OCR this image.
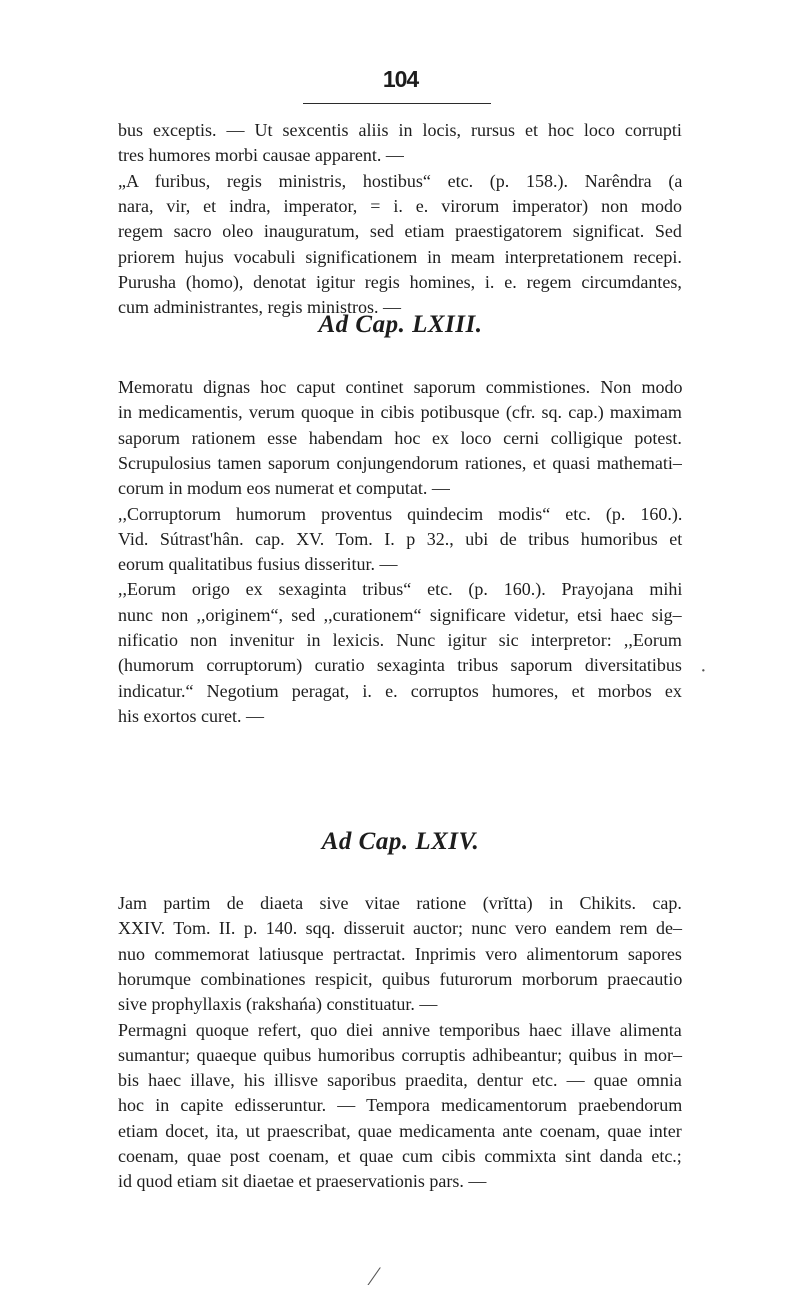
104
bus exceptis. — Ut sexcentis aliis in locis, rursus et hoc loco corrupti
tres humores morbi causae apparent. —
„A furibus, regis ministris, hostibus“ etc. (p. 158.). Narêndra (a
nara, vir, et indra, imperator, = i. e. virorum imperator) non modo
regem sacro oleo inauguratum, sed etiam praestigatorem significat. Sed
priorem hujus vocabuli significationem in meam interpretationem recepi.
Purusha (homo), denotat igitur regis homines, i. e. regem circumdantes,
cum administrantes, regis ministros. —
Ad Cap. LXIII.
Memoratu dignas hoc caput continet saporum commistiones. Non modo
in medicamentis, verum quoque in cibis potibusque (cfr. sq. cap.) maximam
saporum rationem esse habendam hoc ex loco cerni colligique potest.
Scrupulosius tamen saporum conjungendorum rationes, et quasi mathemati–
corum in modum eos numerat et computat. —
,,Corruptorum humorum proventus quindecim modis“ etc. (p. 160.).
Vid. Sútrast'hân. cap. XV. Tom. I. p 32., ubi de tribus humoribus et
eorum qualitatibus fusius disseritur. —
,,Eorum origo ex sexaginta tribus“ etc. (p. 160.). Prayojana mihi
nunc non ,,originem“, sed ,,curationem“ significare videtur, etsi haec sig–
nificatio non invenitur in lexicis. Nunc igitur sic interpretor: ,,Eorum
(humorum corruptorum) curatio sexaginta tribus saporum diversitatibus
indicatur.“ Negotium peragat, i. e. corruptos humores, et morbos ex
his exortos curet. —
Ad Cap. LXIV.
Jam partim de diaeta sive vitae ratione (vrĭtta) in Chikits. cap.
XXIV. Tom. II. p. 140. sqq. disseruit auctor; nunc vero eandem rem de–
nuo commemorat latiusque pertractat. Inprimis vero alimentorum sapores
horumque combinationes respicit, quibus futurorum morborum praecautio
sive prophyllaxis (rakshańa) constituatur. —
Permagni quoque refert, quo diei annive temporibus haec illave alimenta
sumantur; quaeque quibus humoribus corruptis adhibeantur; quibus in mor–
bis haec illave, his illisve saporibus praedita, dentur etc. — quae omnia
hoc in capite edisseruntur. — Tempora medicamentorum praebendorum
etiam docet, ita, ut praescribat, quae medicamenta ante coenam, quae inter
coenam, quae post coenam, et quae cum cibis commixta sint danda etc.;
id quod etiam sit diaetae et praeservationis pars. —
·
⁄
